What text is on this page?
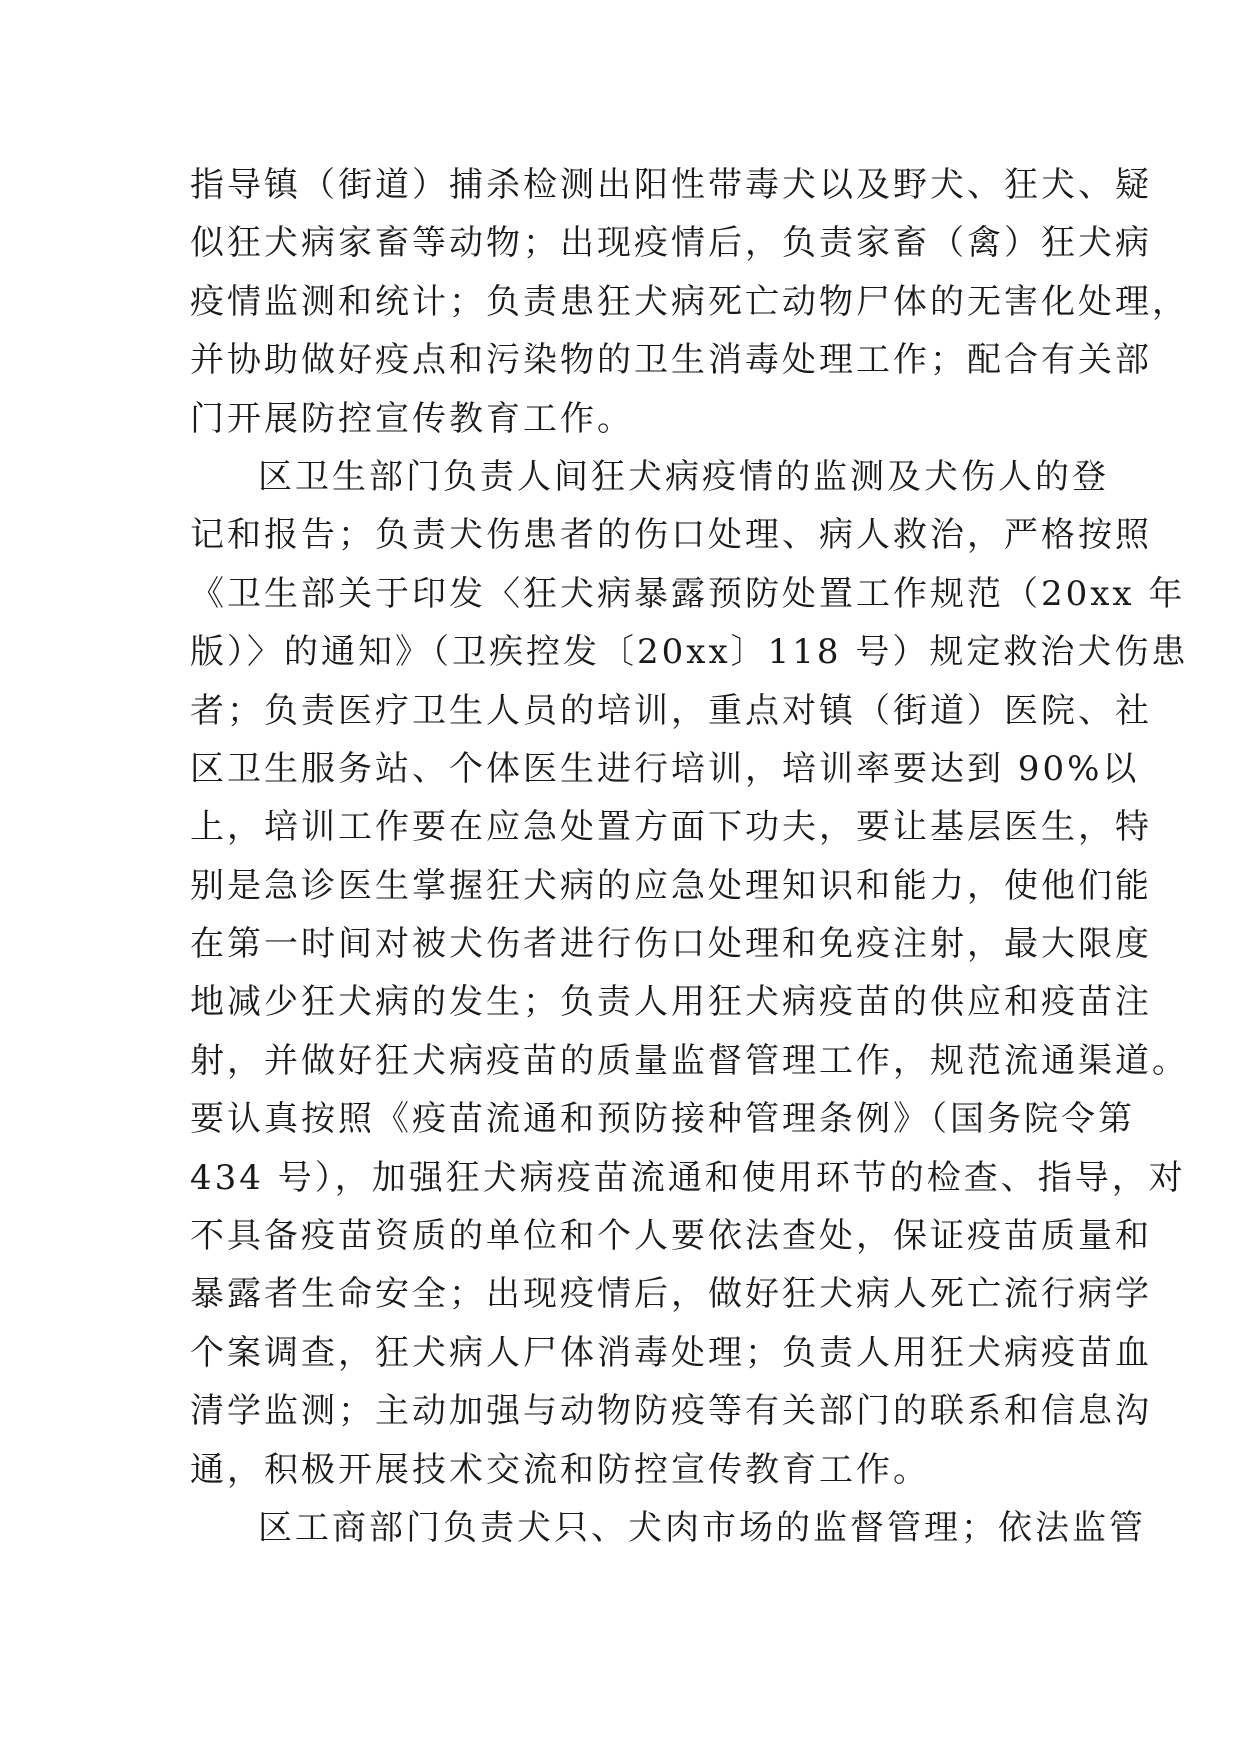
指导镇（街道）捕杀检测出阳性带毒犬以及野犬、狂犬、疑
似狂犬病家畜等动物；出现疫情后，负责家畜（禽）狂犬病
疫情监测和统计；负责患狂犬病死亡动物尸体的无害化处理，
并协助做好疫点和污染物的卫生消毒处理工作；配合有关部
门开展防控宣传教育工作。
区卫生部门负责人间狂犬病疫情的监测及犬伤人的登
记和报告；负责犬伤患者的伤口处理、病人救治，严格按照
《卫生部关于印发〈狂犬病暴露预防处置工作规范（20xx 年
版）〉的通知》（卫疾控发〔20xx〕118 号）规定救治犬伤患
者；负责医疗卫生人员的培训，重点对镇（街道）医院、社
区卫生服务站、个体医生进行培训，培训率要达到 90%以
上，培训工作要在应急处置方面下功夫，要让基层医生，特
别是急诊医生掌握狂犬病的应急处理知识和能力，使他们能
在第一时间对被犬伤者进行伤口处理和免疫注射，最大限度
地减少狂犬病的发生；负责人用狂犬病疫苗的供应和疫苗注
射，并做好狂犬病疫苗的质量监督管理工作，规范流通渠道。
要认真按照《疫苗流通和预防接种管理条例》（国务院令第
434 号），加强狂犬病疫苗流通和使用环节的检查、指导，对
不具备疫苗资质的单位和个人要依法查处，保证疫苗质量和
暴露者生命安全；出现疫情后，做好狂犬病人死亡流行病学
个案调查，狂犬病人尸体消毒处理；负责人用狂犬病疫苗血
清学监测；主动加强与动物防疫等有关部门的联系和信息沟
通，积极开展技术交流和防控宣传教育工作。
区工商部门负责犬只、犬肉市场的监督管理；依法监管
